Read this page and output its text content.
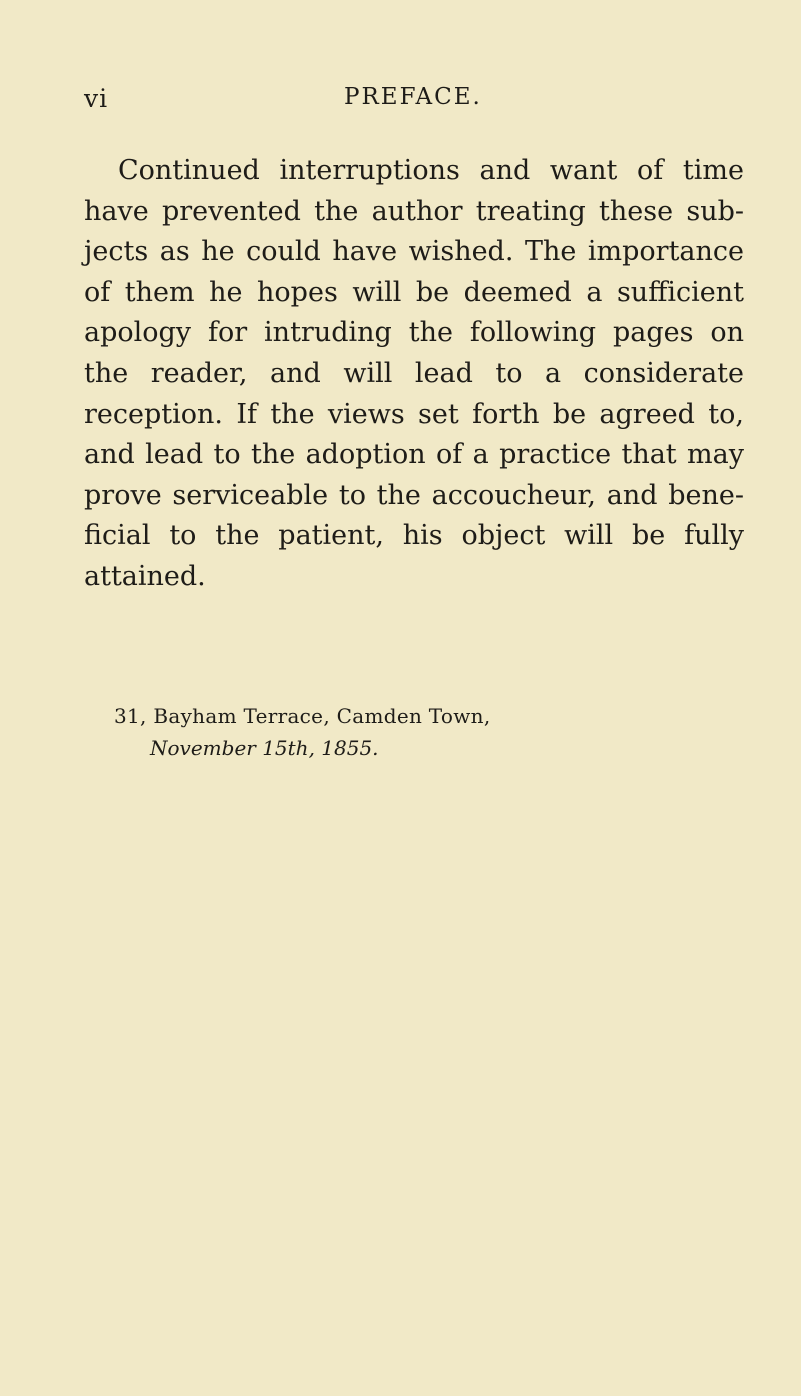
vi	PREFACE.
Continued interruptions and want of time
have prevented the author treating these sub-
jects as he could have wished. The importance
of them he hopes will be deemed a sufficient
apology for intruding the following pages on
the reader, and will lead to a considerate
reception. If the views set forth be agreed to,
and lead to the adoption of a practice that may
prove serviceable to the accoucheur, and bene-
ficial to the patient, his object will be fully
attained.
31, Bayham Terrace, Camden Town,
November 15th, 1855.
